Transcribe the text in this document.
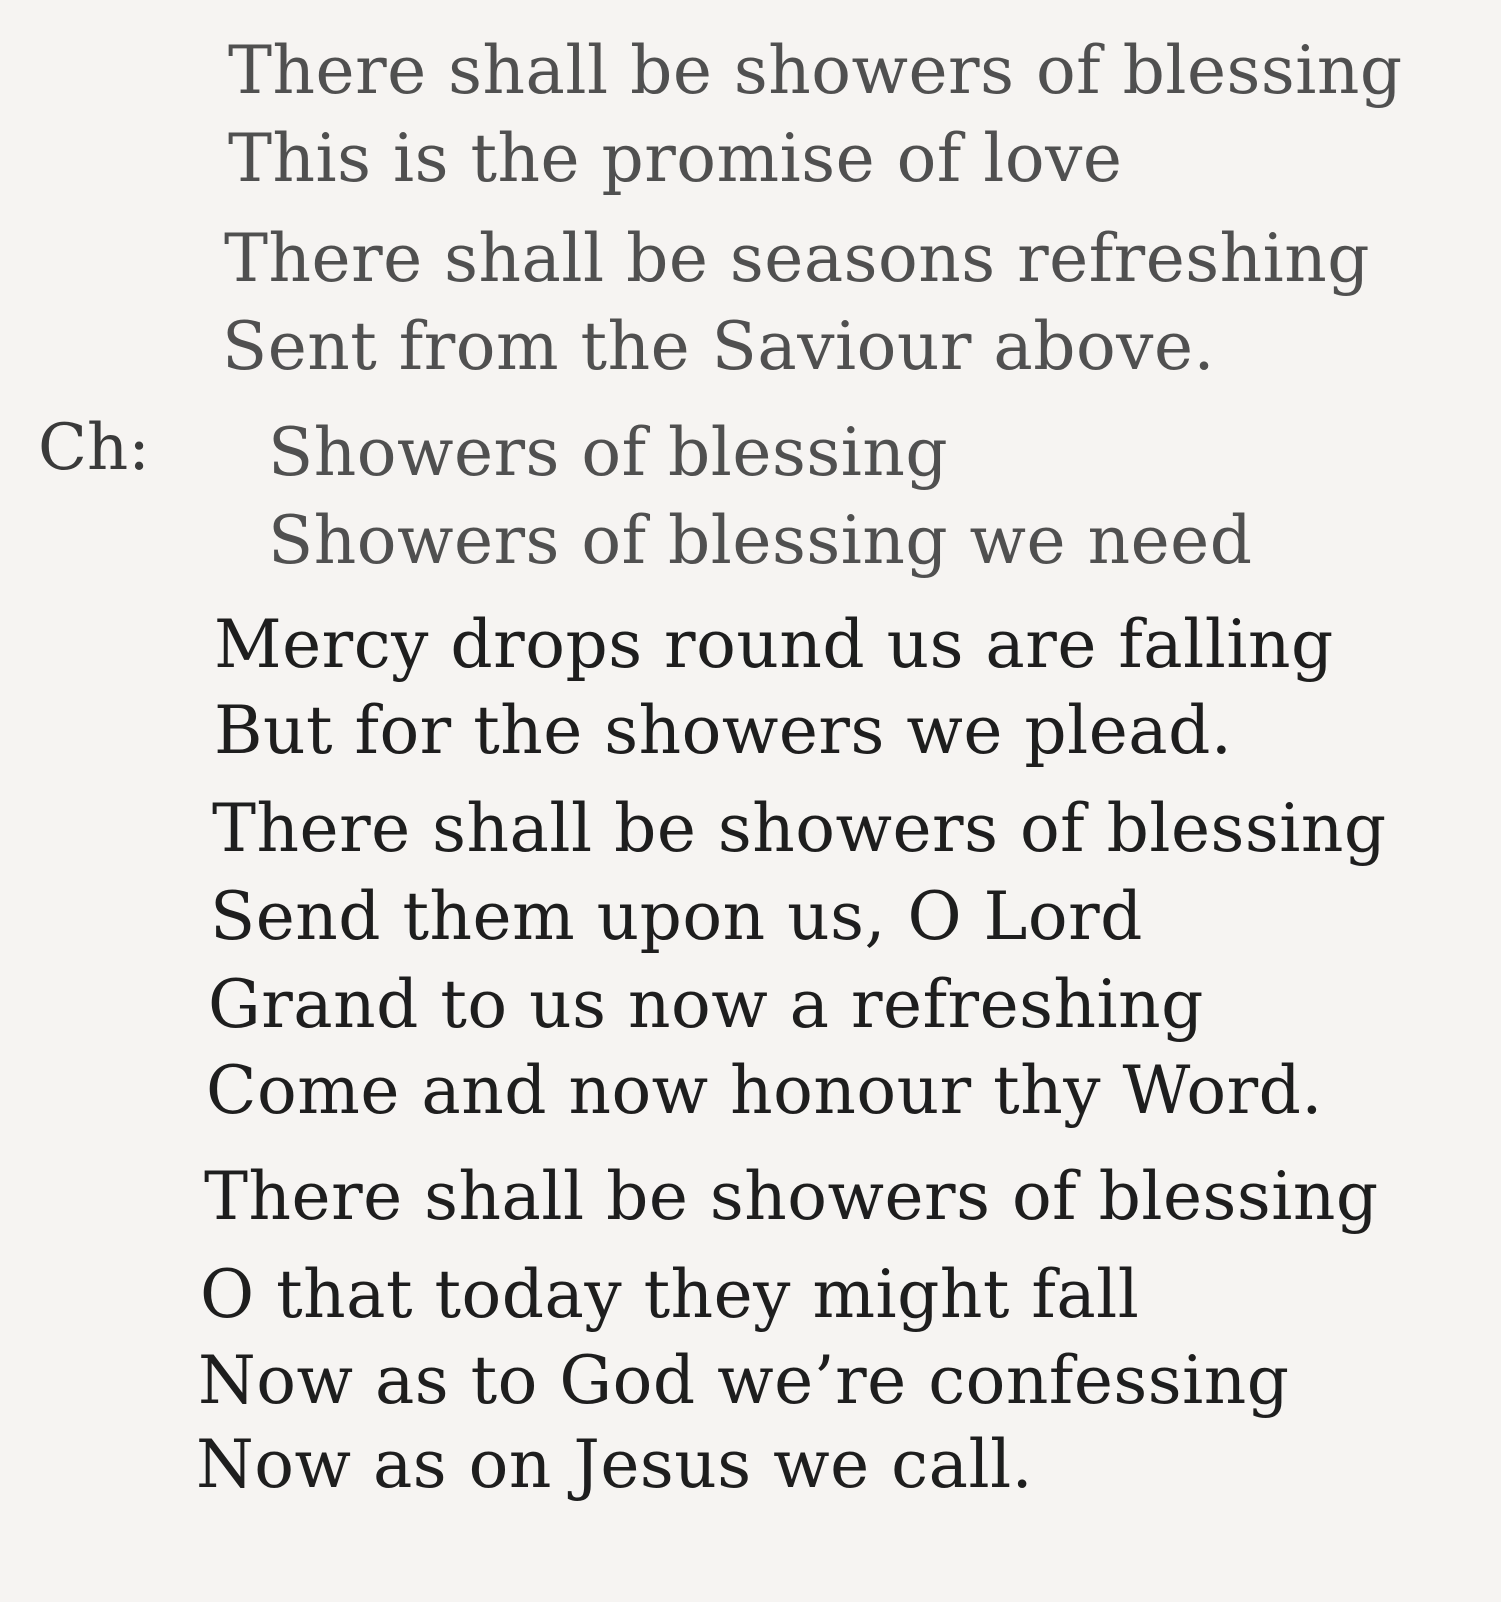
There shall be showers of blessing
This is the promise of love
There shall be seasons refreshing
Sent from the Saviour above.
Ch: Showers of blessing
Showers of blessing we need
Mercy drops round us are falling
But for the showers we plead.
There shall be showers of blessing
Send them upon us, O Lord
Grand to us now a refreshing
Come and now honour thy Word.
There shall be showers of blessing
O that today they might fall
Now as to God we’re confessing
Now as on Jesus we call.
